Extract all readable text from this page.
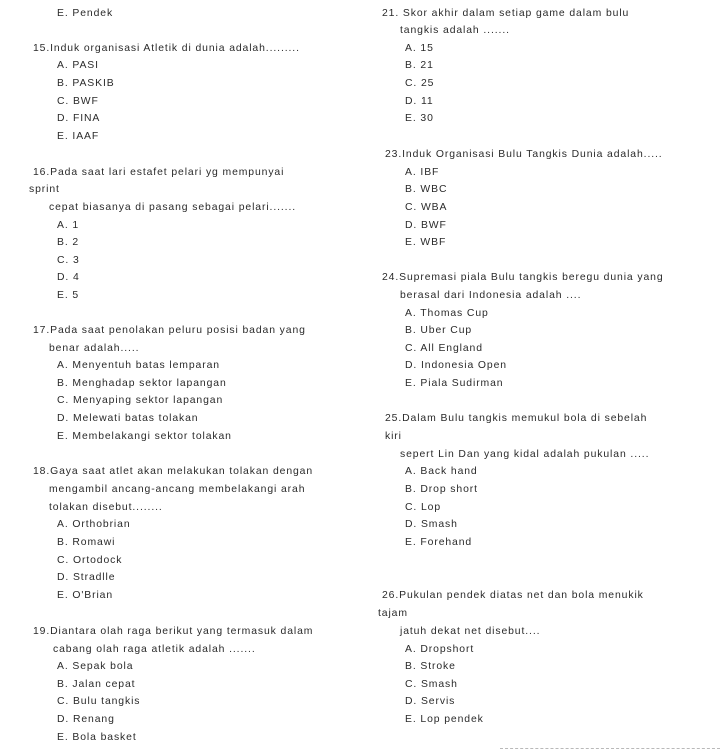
E. Pendek
15.Induk organisasi Atletik di dunia adalah.........
A. PASI
B. PASKIB
C. BWF
D. FINA
E. IAAF
16.Pada saat lari estafet pelari yg mempunyai
sprint
cepat biasanya di pasang sebagai pelari.......
A. 1
B. 2
C. 3
D. 4
E. 5
17.Pada saat penolakan peluru posisi badan yang
benar adalah.....
A. Menyentuh batas lemparan
B. Menghadap sektor lapangan
C. Menyaping sektor lapangan
D. Melewati batas tolakan
E. Membelakangi sektor tolakan
18.Gaya saat atlet akan melakukan tolakan dengan
mengambil ancang-ancang membelakangi arah
tolakan disebut........
A. Orthobrian
B. Romawi
C. Ortodock
D. Stradlle
E. O'Brian
19.Diantara olah raga berikut yang termasuk dalam
cabang olah raga atletik adalah .......
A. Sepak bola
B. Jalan cepat
C. Bulu tangkis
D. Renang
E. Bola basket
21. Skor akhir dalam setiap game dalam bulu
tangkis adalah .......
A. 15
B. 21
C. 25
D. 11
E. 30
23.Induk Organisasi Bulu Tangkis Dunia adalah.....
A. IBF
B. WBC
C. WBA
D. BWF
E. WBF
24.Supremasi piala Bulu tangkis beregu dunia yang
berasal dari Indonesia adalah ....
A. Thomas Cup
B. Uber Cup
C. All England
D. Indonesia Open
E. Piala Sudirman
25.Dalam Bulu tangkis memukul bola di sebelah
kiri
sepert Lin Dan yang kidal adalah pukulan .....
A. Back hand
B. Drop short
C. Lop
D. Smash
E. Forehand
26.Pukulan pendek diatas net dan bola menukik
tajam
jatuh dekat net disebut....
A. Dropshort
B. Stroke
C. Smash
D. Servis
E. Lop pendek
